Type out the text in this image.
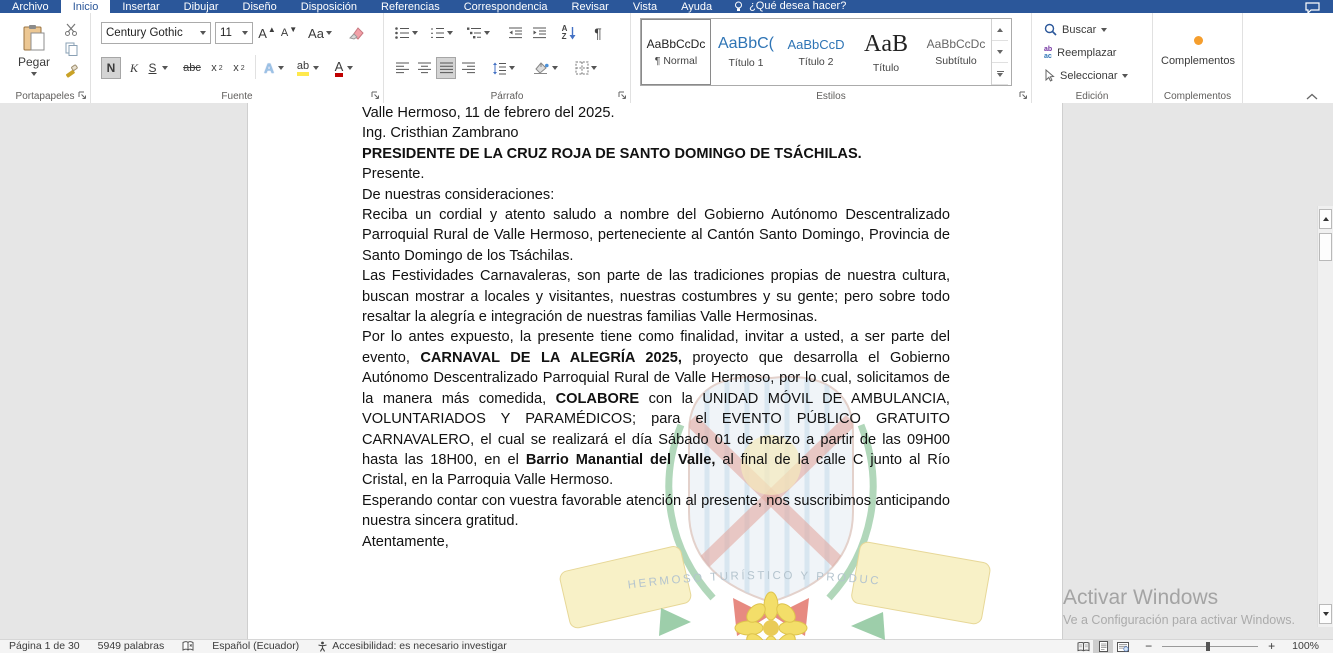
Archivo	Inicio	Insertar	Dibujar	Diseño	Disposición	Referencias	Correspondencia	Revisar	Vista	Ayuda	¿Qué desea hacer?
Pegar
Portapapeles
Century Gothic	11	A ▲ A ▼ Aa
N K S abc x 2 x 2 A ab A
Fuente
A
Z ¶
Párrafo
AaBbCcDc
¶ Normal
AaBbC(
Título 1
AaBbCcD
Título 2
AaB
Título
AaBbCcDc
Subtítulo
Estilos
Buscar
ab
ac Reemplazar
Seleccionar
Edición
Complementos
Complementos
HERMOSO TURÍSTICO Y PRODUC

Valle Hermoso, 11 de febrero del 2025.

Ing. Cristhian Zambrano

PRESIDENTE DE LA CRUZ ROJA DE SANTO DOMINGO DE TSÁCHILAS.

Presente.

De nuestras consideraciones:

Reciba un cordial y atento saludo a nombre del Gobierno Autónomo Descentralizado Parroquial Rural de Valle Hermoso, perteneciente al Cantón Santo Domingo, Provincia de Santo Domingo de los Tsáchilas.

Las Festividades Carnavaleras, son parte de las tradiciones propias de nuestra cultura, buscan mostrar a locales y visitantes, nuestras costumbres y su gente; pero sobre todo resaltar la alegría e integración de nuestras familias Valle Hermosinas.

Por lo antes expuesto, la presente tiene como finalidad, invitar a usted, a ser parte del evento, CARNAVAL DE LA ALEGRÍA 2025, proyecto que desarrolla el Gobierno Autónomo Descentralizado Parroquial Rural de Valle Hermoso, por lo cual, solicitamos de la manera más comedida, COLABORE con la UNIDAD MÓVIL DE AMBULANCIA, VOLUNTARIADOS Y PARAMÉDICOS; para el EVENTO PÚBLICO GRATUITO CARNAVALERO, el cual se realizará el día Sábado 01 de marzo a partir de las 09H00 hasta las 18H00, en el Barrio Manantial del Valle, al final de la calle C junto al Río Cristal, en la Parroquia Valle Hermoso.

Esperando contar con vuestra favorable atención al presente, nos suscribimos anticipando nuestra sincera gratitud.

Atentamente,

Activar Windows
Ve a Configuración para activar Windows.
Página 1 de 30	5949 palabras	Español (Ecuador)	Accesibilidad: es necesario investigar	−	+	100%
